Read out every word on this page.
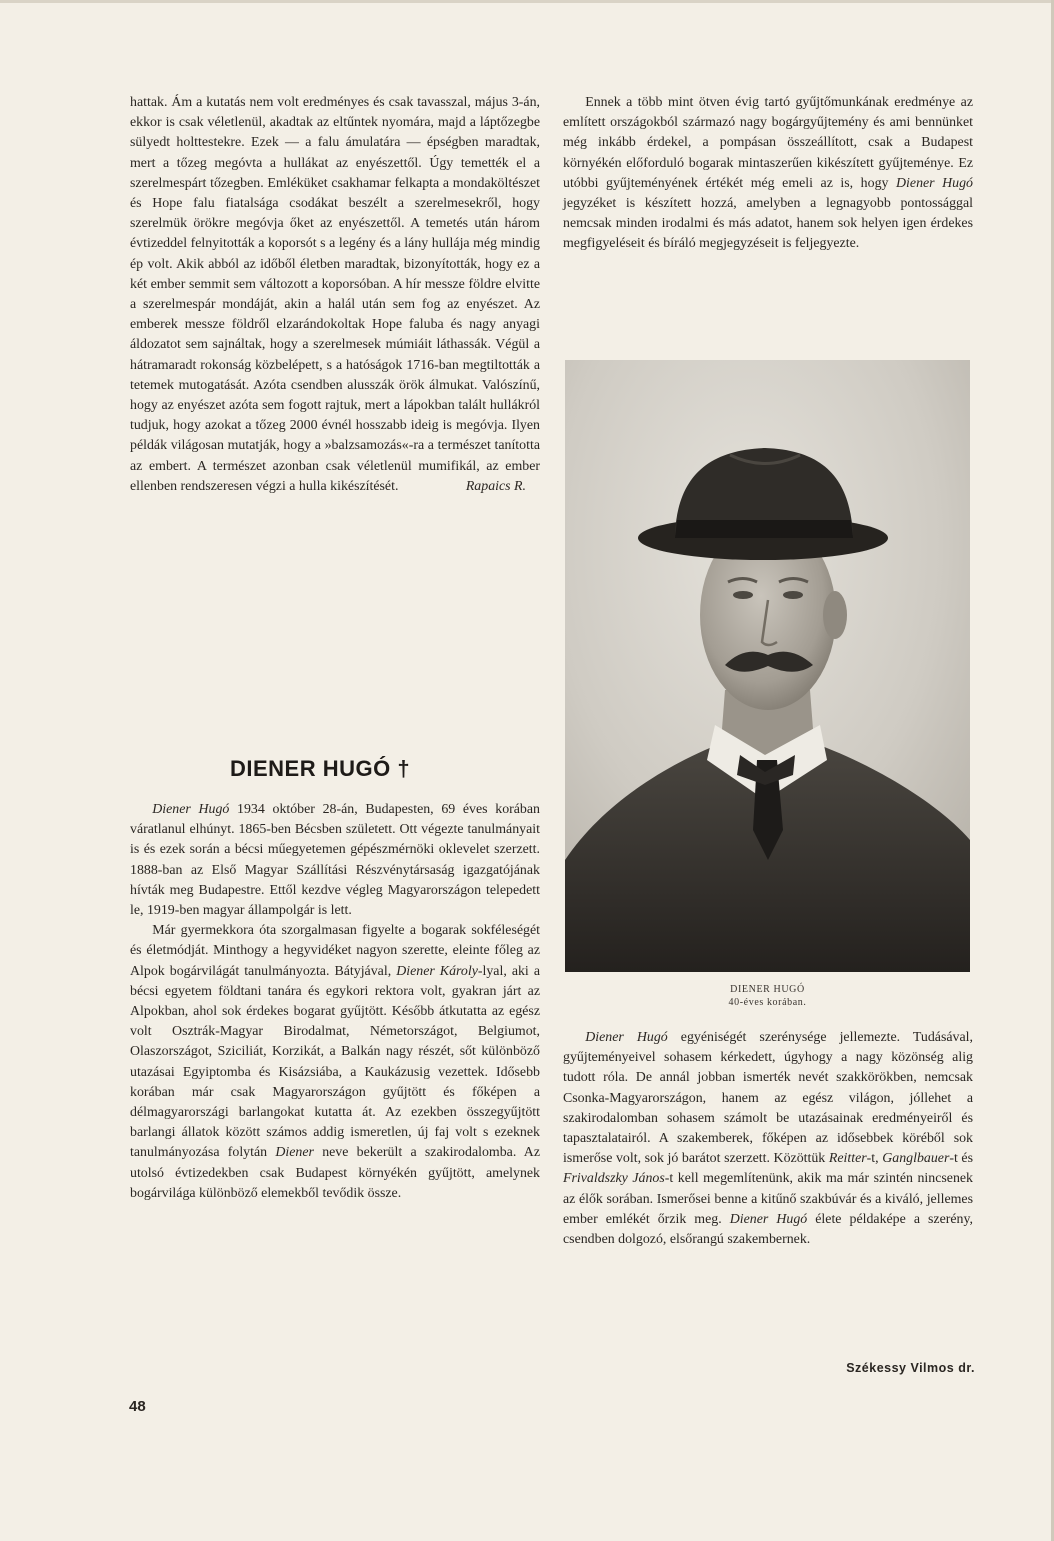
hattak. Ám a kutatás nem volt eredményes és csak tavasszal, május 3-án, ekkor is csak véletlenül, akadtak az eltűntek nyomára, majd a láptőzegbe sülyedt holttestekre. Ezek — a falu ámulatára — épségben maradtak, mert a tőzeg megóvta a hullákat az enyészettől. Úgy temették el a szerelmespárt tőzegben. Emléküket csakhamar felkapta a mondaköltészet és Hope falu fiatalsága csodákat beszélt a szerelmesekről, hogy szerelmük örökre megóvja őket az enyészettől. A temetés után három évtizeddel felnyitották a koporsót s a legény és a lány hullája még mindig ép volt. Akik abból az időből életben maradtak, bizonyították, hogy ez a két ember semmit sem változott a koporsóban. A hír messze földre elvitte a szerelmespár mondáját, akin a halál után sem fog az enyészet. Az emberek messze földről elzarándokoltak Hope faluba és nagy anyagi áldozatot sem sajnáltak, hogy a szerelmesek múmiáit láthassák. Végül a hátramaradt rokonság közbelépett, s a hatóságok 1716-ban megtiltották a tetemek mutogatását. Azóta csendben alusszák örök álmukat. Valószínű, hogy az enyészet azóta sem fogott rajtuk, mert a lápokban talált hullákról tudjuk, hogy azokat a tőzeg 2000 évnél hosszabb ideig is megóvja. Ilyen példák világosan mutatják, hogy a »balzsamozás«-ra a természet tanította az embert. A természet azonban csak véletlenül mumifikál, az ember ellenben rendszeresen végzi a hulla kikészítését.	Rapaics R.

DIENER HUGÓ †

Diener Hugó 1934 október 28-án, Budapesten, 69 éves korában váratlanul elhúnyt. 1865-ben Bécsben született. Ott végezte tanulmányait is és ezek során a bécsi műegyetemen gépészmérnöki oklevelet szerzett. 1888-ban az Első Magyar Szállítási Részvénytársaság igazgatójának hívták meg Budapestre. Ettől kezdve végleg Magyarországon telepedett le, 1919-ben magyar állampolgár is lett.

Már gyermekkora óta szorgalmasan figyelte a bogarak sokféleségét és életmódját. Minthogy a hegyvidéket nagyon szerette, eleinte főleg az Alpok bogárvilágát tanulmányozta. Bátyjával, Diener Károly-lyal, aki a bécsi egyetem földtani tanára és egykori rektora volt, gyakran járt az Alpokban, ahol sok érdekes bogarat gyűjtött. Később átkutatta az egész volt Osztrák-Magyar Birodalmat, Németországot, Belgiumot, Olaszországot, Sziciliát, Korzikát, a Balkán nagy részét, sőt különböző utazásai Egyiptomba és Kisázsiába, a Kaukázusig vezettek. Idősebb korában már csak Magyarországon gyűjtött és főképen a délmagyarországi barlangokat kutatta át. Az ezekben összegyűjtött barlangi állatok között számos addig ismeretlen, új faj volt s ezeknek tanulmányozása folytán Diener neve bekerült a szakirodalomba. Az utolsó évtizedekben csak Budapest környékén gyűjtött, amelynek bogárvilága különböző elemekből tevődik össze.

Ennek a több mint ötven évig tartó gyűjtőmunkának eredménye az említett országokból származó nagy bogárgyűjtemény és ami bennünket még inkább érdekel, a pompásan összeállított, csak a Budapest környékén előforduló bogarak mintaszerűen kikészített gyűjteménye. Ez utóbbi gyűjteményének értékét még emeli az is, hogy Diener Hugó jegyzéket is készített hozzá, amelyben a legnagyobb pontossággal nemcsak minden irodalmi és más adatot, hanem sok helyen igen érdekes megfigyeléseit és bíráló megjegyzéseit is feljegyezte.

DIENER HUGÓ
40-éves korában.

Diener Hugó egyéniségét szerénysége jellemezte. Tudásával, gyűjteményeivel sohasem kérkedett, úgyhogy a nagy közönség alig tudott róla. De annál jobban ismerték nevét szakkörökben, nemcsak Csonka-Magyarországon, hanem az egész világon, jóllehet a szakirodalomban sohasem számolt be utazásainak eredményeiről és tapasztalatairól. A szakemberek, főképen az idősebbek köréből sok ismerőse volt, sok jó barátot szerzett. Közöttük Reitter-t, Ganglbauer-t és Frivaldszky János-t kell megemlítenünk, akik ma már szintén nincsenek az élők sorában. Ismerősei benne a kitűnő szakbúvár és a kiváló, jellemes ember emlékét őrzik meg. Diener Hugó élete példaképe a szerény, csendben dolgozó, elsőrangú szakembernek.

Székessy Vilmos dr.
48
